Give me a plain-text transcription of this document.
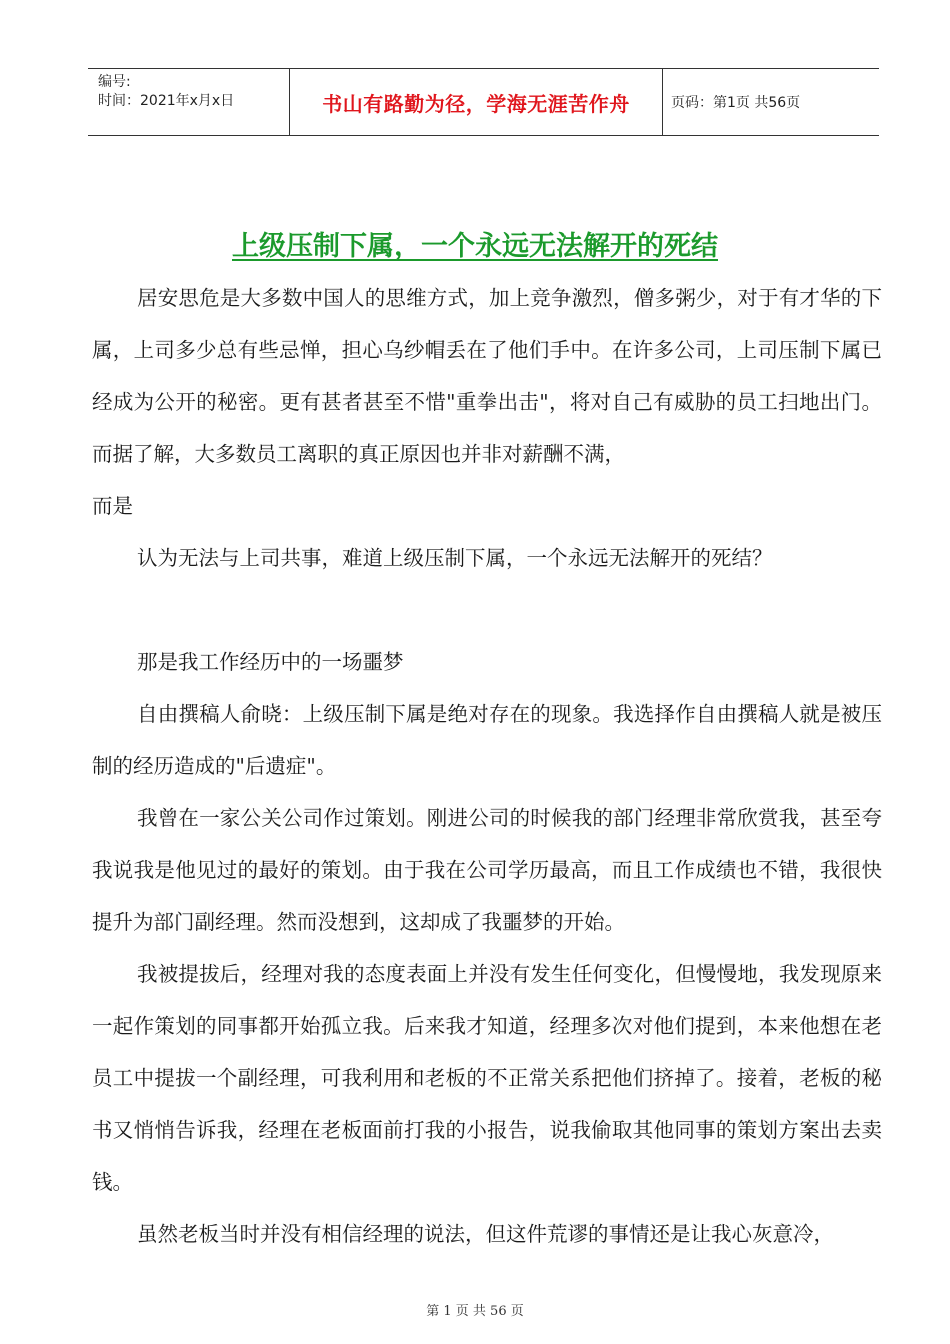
编号:
时间：2021年x月x日	书山有路勤为径，学海无涯苦作舟	页码：第1页 共56页
上级压制下属，一个永远无法解开的死结

居安思危是大多数中国人的思维方式，加上竞争激烈，僧多粥少，对于有才华的下属，上司多少总有些忌惮，担心乌纱帽丢在了他们手中。在许多公司，上司压制下属已经成为公开的秘密。更有甚者甚至不惜"重拳出击"，将对自己有威胁的员工扫地出门。而据了解，大多数员工离职的真正原因也并非对薪酬不满，

而是

认为无法与上司共事，难道上级压制下属，一个永远无法解开的死结？

那是我工作经历中的一场噩梦

自由撰稿人俞晓：上级压制下属是绝对存在的现象。我选择作自由撰稿人就是被压制的经历造成的"后遗症"。

我曾在一家公关公司作过策划。刚进公司的时候我的部门经理非常欣赏我，甚至夸我说我是他见过的最好的策划。由于我在公司学历最高，而且工作成绩也不错，我很快提升为部门副经理。然而没想到，这却成了我噩梦的开始。

我被提拔后，经理对我的态度表面上并没有发生任何变化，但慢慢地，我发现原来一起作策划的同事都开始孤立我。后来我才知道，经理多次对他们提到，本来他想在老员工中提拔一个副经理，可我利用和老板的不正常关系把他们挤掉了。接着，老板的秘书又悄悄告诉我，经理在老板面前打我的小报告，说我偷取其他同事的策划方案出去卖钱。

虽然老板当时并没有相信经理的说法，但这件荒谬的事情还是让我心灰意冷，

第 1 页 共 56 页
